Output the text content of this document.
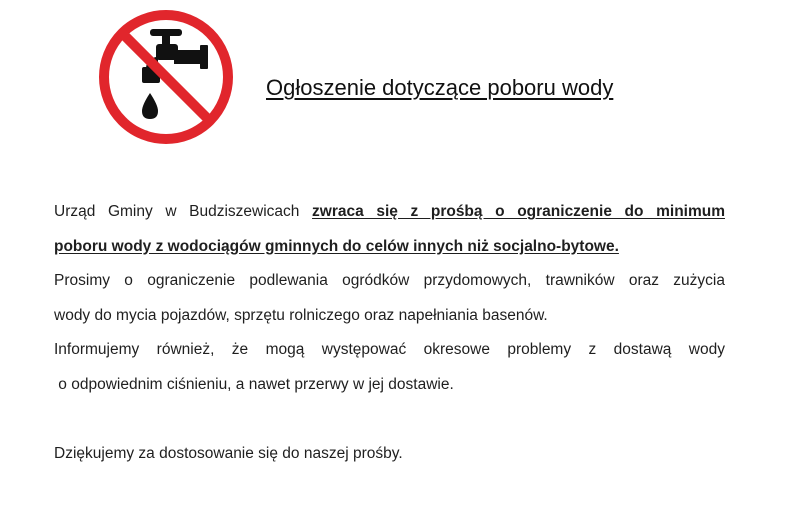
Ogłoszenie dotyczące poboru wody

Urząd Gminy w Budziszewicach zwraca się z prośbą o ograniczenie do minimum
poboru wody z wodociągów gminnych do celów innych niż socjalno-bytowe.

Prosimy o ograniczenie podlewania ogródków przydomowych, trawników oraz zużycia
wody do mycia pojazdów, sprzętu rolniczego oraz napełniania basenów.

Informujemy również, że mogą występować okresowe problemy z dostawą wody
o odpowiednim ciśnieniu, a nawet przerwy w jej dostawie.

Dziękujemy za dostosowanie się do naszej prośby.
